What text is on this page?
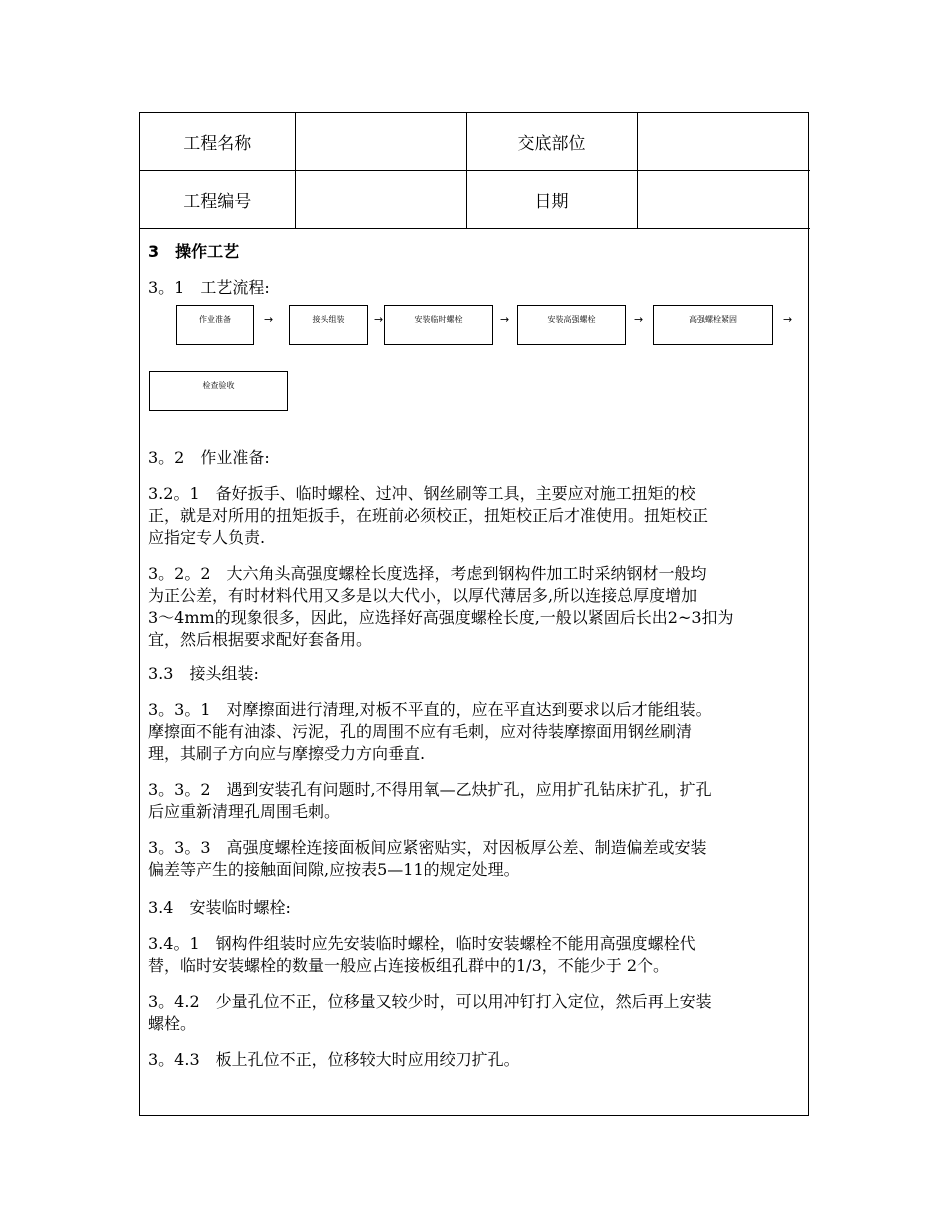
工程名称		交底部位	
工程编号		日期	
3　操作工艺
3。1　工艺流程:
作业准备	→	接头组装	→	安装临时螺栓	→	安装高强螺栓	→	高强螺栓紧固	→
检查验收
3。2　作业准备:
3.2。1　备好扳手、临时螺栓、过冲、钢丝刷等工具，主要应对施工扭矩的校
正，就是对所用的扭矩扳手，在班前必须校正，扭矩校正后才准使用。扭矩校正
应指定专人负责.
3。2。2　大六角头高强度螺栓长度选择，考虑到钢构件加工时采纳钢材一般均
为正公差，有时材料代用又多是以大代小，以厚代薄居多,所以连接总厚度增加
3～4mm的现象很多，因此，应选择好高强度螺栓长度,一般以紧固后长出2~3扣为
宜，然后根据要求配好套备用。
3.3　接头组装:
3。3。1　对摩擦面进行清理,对板不平直的，应在平直达到要求以后才能组装。
摩擦面不能有油漆、污泥，孔的周围不应有毛刺，应对待装摩擦面用钢丝刷清
理，其刷子方向应与摩擦受力方向垂直.
3。3。2　遇到安装孔有问题时,不得用氧—乙炔扩孔，应用扩孔钻床扩孔，扩孔
后应重新清理孔周围毛刺。
3。3。3　高强度螺栓连接面板间应紧密贴实，对因板厚公差、制造偏差或安装
偏差等产生的接触面间隙,应按表5—11的规定处理。
3.4　安装临时螺栓:
3.4。1　钢构件组装时应先安装临时螺栓，临时安装螺栓不能用高强度螺栓代
替，临时安装螺栓的数量一般应占连接板组孔群中的1/3，不能少于 2个。
3。4.2　少量孔位不正，位移量又较少时，可以用冲钉打入定位，然后再上安装
螺栓。
3。4.3　板上孔位不正，位移较大时应用绞刀扩孔。
